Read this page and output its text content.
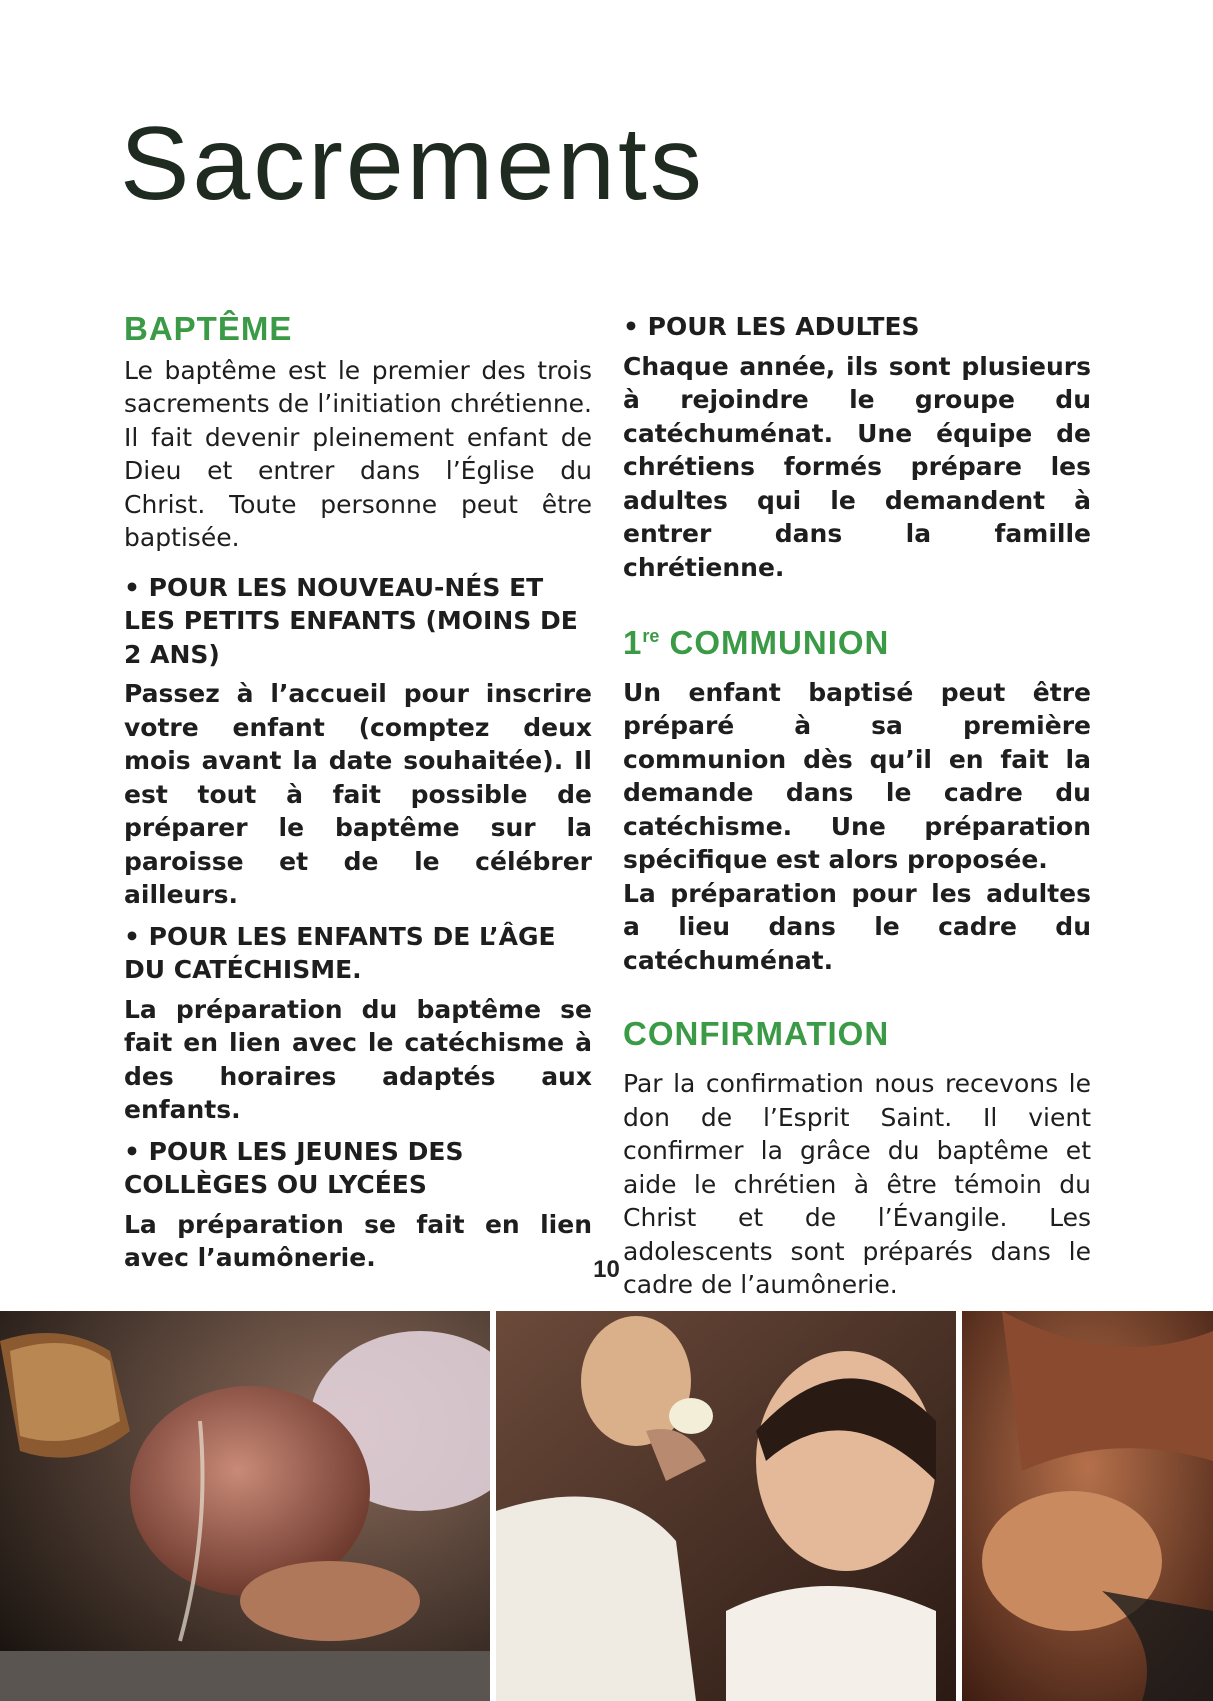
Sacrements
BAPTÊME

Le baptême est le premier des trois sacrements de l’initiation chrétienne. Il fait devenir pleinement enfant de Dieu et entrer dans l’Église du Christ. Toute personne peut être baptisée.

• POUR LES NOUVEAU-NÉS ET LES PETITS ENFANTS (MOINS DE 2 ANS)

Passez à l’accueil pour inscrire votre enfant (comptez deux mois avant la date souhaitée). Il est tout à fait possible de préparer le baptême sur la paroisse et de le célébrer ailleurs.

• POUR LES ENFANTS DE L’ÂGE DU CATÉCHISME.

La préparation du baptême se fait en lien avec le catéchisme à des horaires adaptés aux enfants.

• POUR LES JEUNES DES COLLÈGES OU LYCÉES

La préparation se fait en lien avec l’aumônerie.

• POUR LES ADULTES

Chaque année, ils sont plusieurs à rejoindre le groupe du catéchuménat. Une équipe de chrétiens formés prépare les adultes qui le demandent à entrer dans la famille chrétienne.

1re COMMUNION

Un enfant baptisé peut être préparé à sa première communion dès qu’il en fait la demande dans le cadre du catéchisme. Une préparation spécifique est alors proposée.

La préparation pour les adultes a lieu dans le cadre du catéchuménat.

CONFIRMATION

Par la confirmation nous recevons le don de l’Esprit Saint. Il vient confirmer la grâce du baptême et aide le chrétien à être témoin du Christ et de l’Évangile. Les adolescents sont préparés dans le cadre de l’aumônerie.

10
